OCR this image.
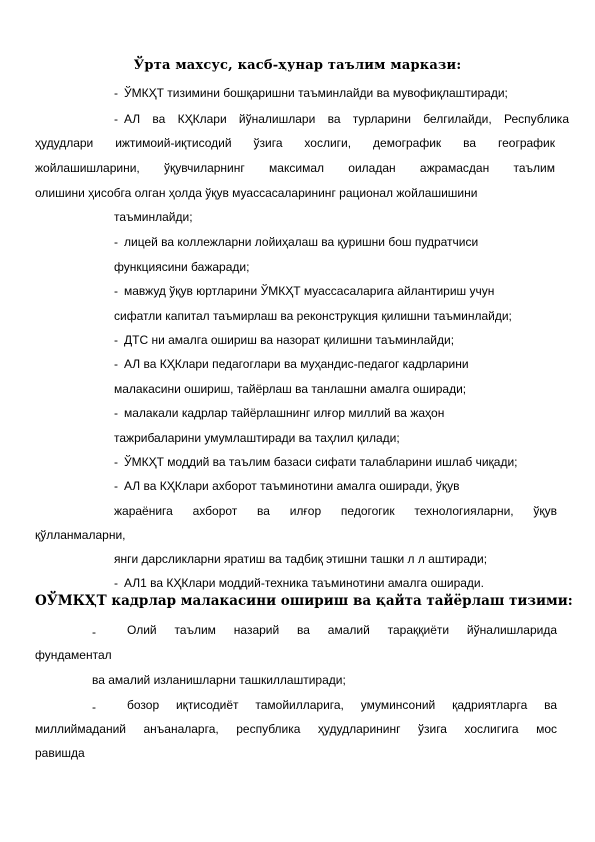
Ўрта махсус, касб-ҳунар таълим маркази:
- ЎМКҲТ тизимини бошқаришни таъминлайди ва мувофиқлаштиради;
- АЛ ва КҲКлари йўналишлари ва турларини белгилайди, Республика
ҳудудлари ижтимоий-иқтисодий ўзига хослиги, демографик ва географик
жойлашишларини, ўқувчиларнинг максимал оиладан ажрамасдан таълим
олишини ҳисобга олган ҳолда ўқув муассасаларининг рационал жойлашишини
таъминлайди;
- лицей ва коллежларни лойиҳалаш ва қуришни бош пудратчиси
функциясини бажаради;
- мавжуд ўқув юртларини ЎМКҲТ муассасаларига айлантириш учун
сифатли капитал таъмирлаш ва реконструкция қилишни таъминлайди;
- ДТС ни амалга ошириш ва назорат қилишни таъминлайди;
- АЛ ва КҲКлари педагоглари ва муҳандис-педагог кадрларини
малакасини ошириш, тайёрлаш ва танлашни амалга оширади;
- малакали кадрлар тайёрлашнинг илғор миллий ва жаҳон
тажрибаларини умумлаштиради ва таҳлил қилади;
- ЎМКҲТ моддий ва таълим базаси сифати талабларини ишлаб чиқади;
- АЛ ва КҲКлари ахборот таъминотини амалга оширади, ўқув
жараёнига ахборот ва илғор педогогик технологияларни, ўқув
қўлланмаларни,
янги дарсликларни яратиш ва тадбиқ этишни ташки л л аштиради;
- АЛ1 ва КҲКлари моддий-техника таъминотини амалга оширади.
ОЎМКҲТ кадрлар малакасини ошириш ва қайта тайёрлаш тизими:
-	Олий таълим назарий ва амалий тараққиёти йўналишларида
фундаментал
ва амалий изланишларни ташкиллаштиради;
-	бозор иқтисодиёт тамойилларига, умуминсоний қадриятларга ва
миллиймаданий анъаналарга, республика ҳудудларининг ўзига хослигига мос
равишда
